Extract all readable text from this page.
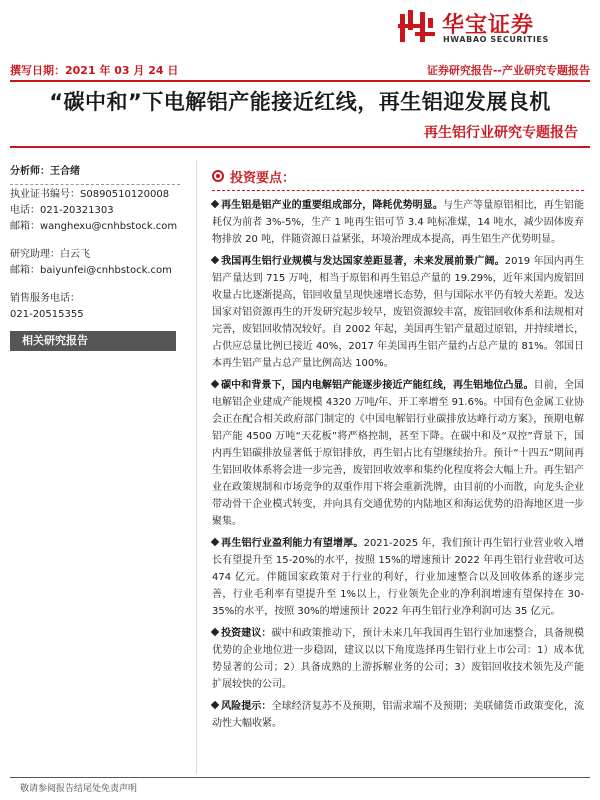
华宝证券
HWABAO SECURITIES
撰写日期：2021 年 03 月 24 日	证券研究报告--产业研究专题报告
“碳中和”下电解铝产能接近红线，再生铝迎发展良机
再生铝行业研究专题报告
分析师：王合绪
执业证书编号：S0890510120008
电话：021-20321303
邮箱：wanghexu@cnhbstock.com
研究助理：白云飞
邮箱：baiyunfei@cnhbstock.com
销售服务电话：
021-20515355
相关研究报告
投资要点：

再生铝是铝产业的重要组成部分，降耗优势明显。与生产等量原铝相比，再生铝能耗仅为前者 3%-5%，生产 1 吨再生铝可节 3.4 吨标准煤，14 吨水，减少固体废弃物排放 20 吨，伴随资源日益紧张，环境治理成本提高，再生铝生产优势明显。

我国再生铝行业规模与发达国家差距显著，未来发展前景广阔。2019 年国内再生铝产量达到 715 万吨，相当于原铝和再生铝总产量的 19.29%，近年来国内废铝回收量占比逐渐提高，铝回收量呈现快速增长态势，但与国际水平仍有较大差距。发达国家对铝资源再生的开发研究起步较早，废铝资源较丰富，废铝回收体系和法规相对完善，废铝回收情况较好。自 2002 年起，美国再生铝产量超过原铝，并持续增长，占供应总量比例已接近 40%，2017 年美国再生铝产量约占总产量的 81%。邻国日本再生铝产量占总产量比例高达 100%。

碳中和背景下，国内电解铝产能逐步接近产能红线，再生铝地位凸显。目前，全国电解铝企业建成产能规模 4320 万吨/年、开工率增至 91.6%。中国有色金属工业协会正在配合相关政府部门制定的《中国电解铝行业碳排放达峰行动方案》，预期电解铝产能 4500 万吨“天花板”将严格控制，甚至下降。在碳中和及“双控”背景下，国内再生铝碳排放显著低于原铝排放，再生铝占比有望继续抬升。预计“十四五”期间再生铝回收体系将会进一步完善，废铝回收效率和集约化程度将会大幅上升。再生铝产业在政策规制和市场竞争的双重作用下将会重新洗牌，由目前的小而散，向龙头企业带动骨干企业模式转变，并向具有交通优势的内陆地区和海运优势的沿海地区进一步聚集。

再生铝行业盈利能力有望增厚。2021-2025 年，我们预计再生铝行业营业收入增长有望提升至 15-20%的水平，按照 15%的增速预计 2022 年再生铝行业营收可达 474 亿元。伴随国家政策对于行业的利好，行业加速整合以及回收体系的逐步完善，行业毛利率有望提升至 1%以上，行业领先企业的净利润增速有望保持在 30-35%的水平，按照 30%的增速预计 2022 年再生铝行业净利润可达 35 亿元。

投资建议：碳中和政策推动下，预计未来几年我国再生铝行业加速整合，具备规模优势的企业地位进一步稳固，建议以以下角度选择再生铝行业上市公司：1）成本优势显著的公司；2）具备成熟的上游拆解业务的公司；3）废铝回收技术领先及产能扩展较快的公司。

风险提示：全球经济复苏不及预期，铝需求端不及预期；美联储货币政策变化，流动性大幅收紧。

敬请参阅报告结尾处免责声明
